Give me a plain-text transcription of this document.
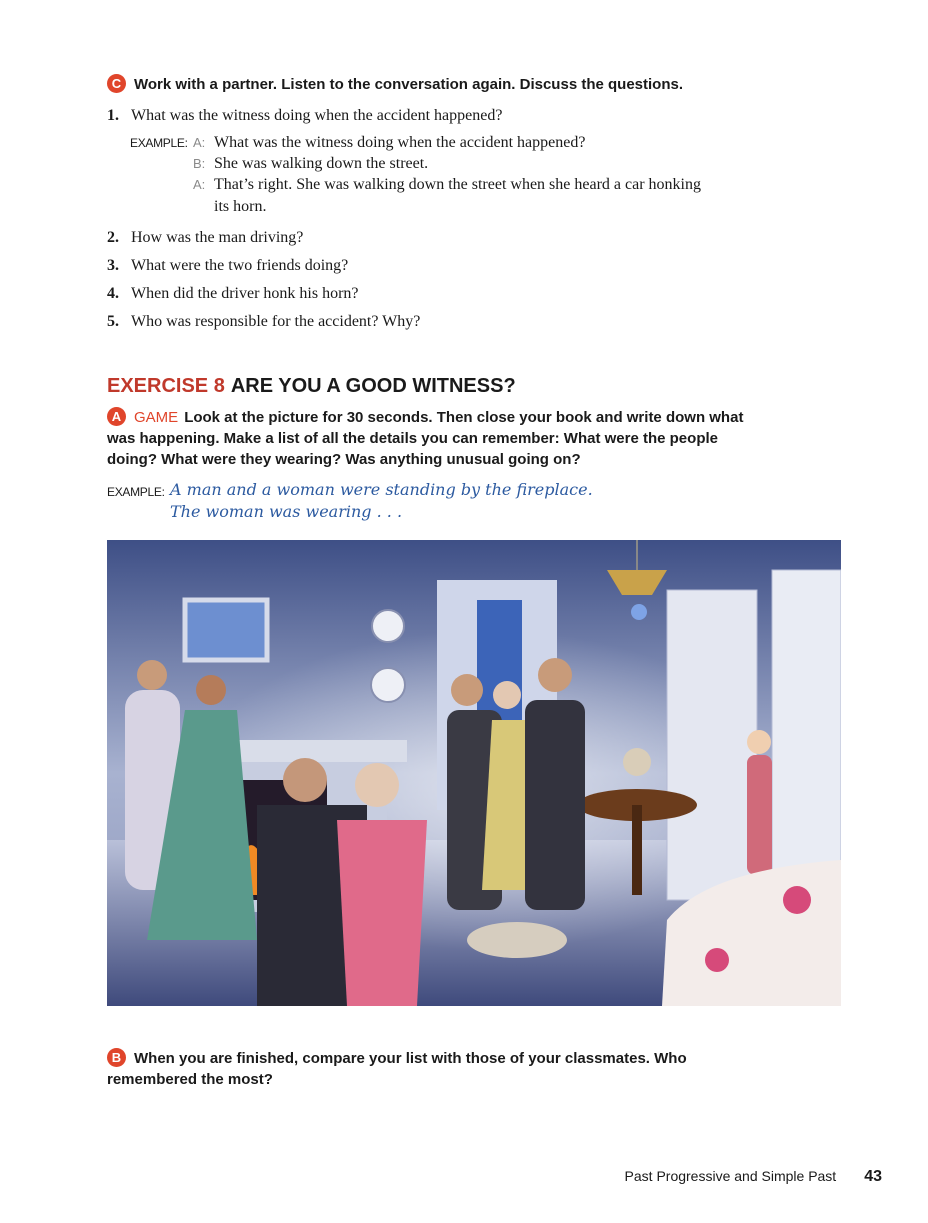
C Work with a partner. Listen to the conversation again. Discuss the questions.
1. What was the witness doing when the accident happened?
EXAMPLE: A: What was the witness doing when the accident happened?
B: She was walking down the street.
A: That’s right. She was walking down the street when she heard a car honking
its horn.
2. How was the man driving?
3. What were the two friends doing?
4. When did the driver honk his horn?
5. Who was responsible for the accident? Why?
EXERCISE 8 ARE YOU A GOOD WITNESS?
A GAME Look at the picture for 30 seconds. Then close your book and write down what
was happening. Make a list of all the details you can remember: What were the people
doing? What were they wearing? Was anything unusual going on?
EXAMPLE: A man and a woman were standing by the fireplace.
The woman was wearing . . .
B When you are finished, compare your list with those of your classmates. Who
remembered the most?
Past Progressive and Simple Past 43
